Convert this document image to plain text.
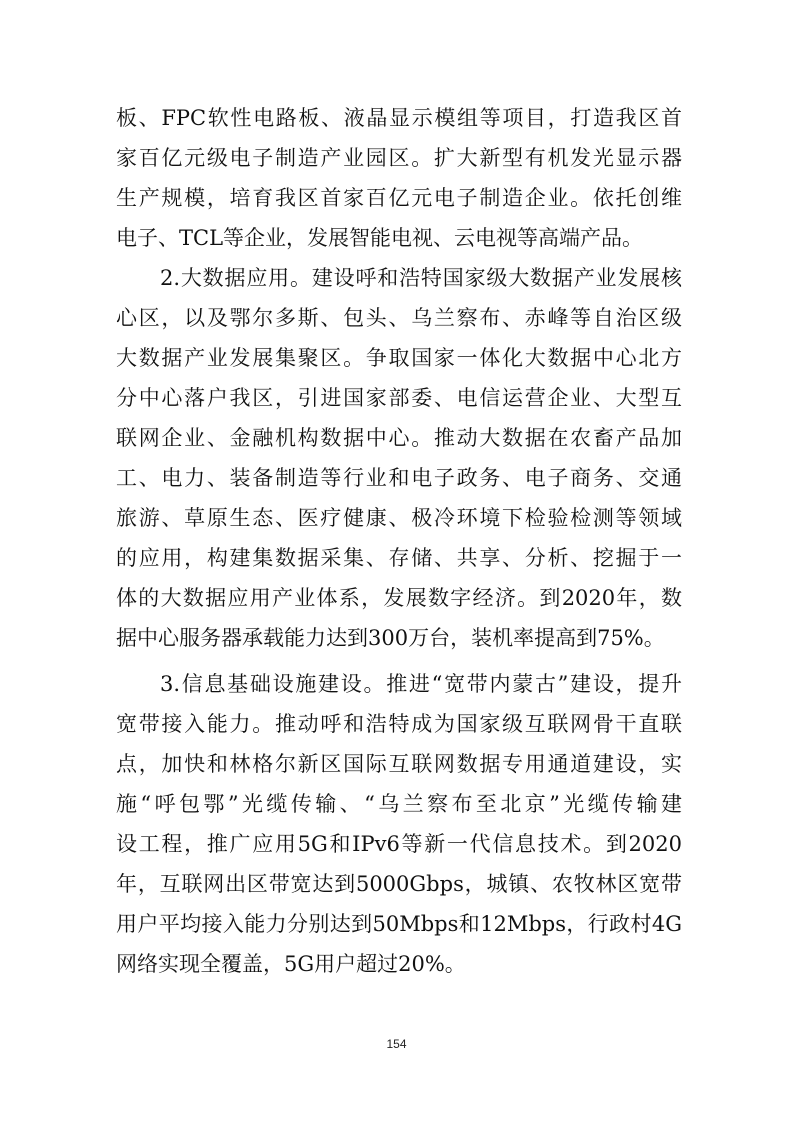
板、FPC软性电路板、液晶显示模组等项目，打造我区首
家百亿元级电子制造产业园区。扩大新型有机发光显示器
生产规模，培育我区首家百亿元电子制造企业。依托创维
电子、TCL等企业，发展智能电视、云电视等高端产品。
2.大数据应用。建设呼和浩特国家级大数据产业发展核
心区，以及鄂尔多斯、包头、乌兰察布、赤峰等自治区级
大数据产业发展集聚区。争取国家一体化大数据中心北方
分中心落户我区，引进国家部委、电信运营企业、大型互
联网企业、金融机构数据中心。推动大数据在农畜产品加
工、电力、装备制造等行业和电子政务、电子商务、交通
旅游、草原生态、医疗健康、极冷环境下检验检测等领域
的应用，构建集数据采集、存储、共享、分析、挖掘于一
体的大数据应用产业体系，发展数字经济。到2020年，数
据中心服务器承载能力达到300万台，装机率提高到75%。
3.信息基础设施建设。推进“宽带内蒙古”建设，提升
宽带接入能力。推动呼和浩特成为国家级互联网骨干直联
点，加快和林格尔新区国际互联网数据专用通道建设，实
施“呼包鄂”光缆传输、“乌兰察布至北京”光缆传输建
设工程，推广应用5G和IPv6等新一代信息技术。到2020
年，互联网出区带宽达到5000Gbps，城镇、农牧林区宽带
用户平均接入能力分别达到50Mbps和12Mbps，行政村4G
网络实现全覆盖，5G用户超过20%。
154
